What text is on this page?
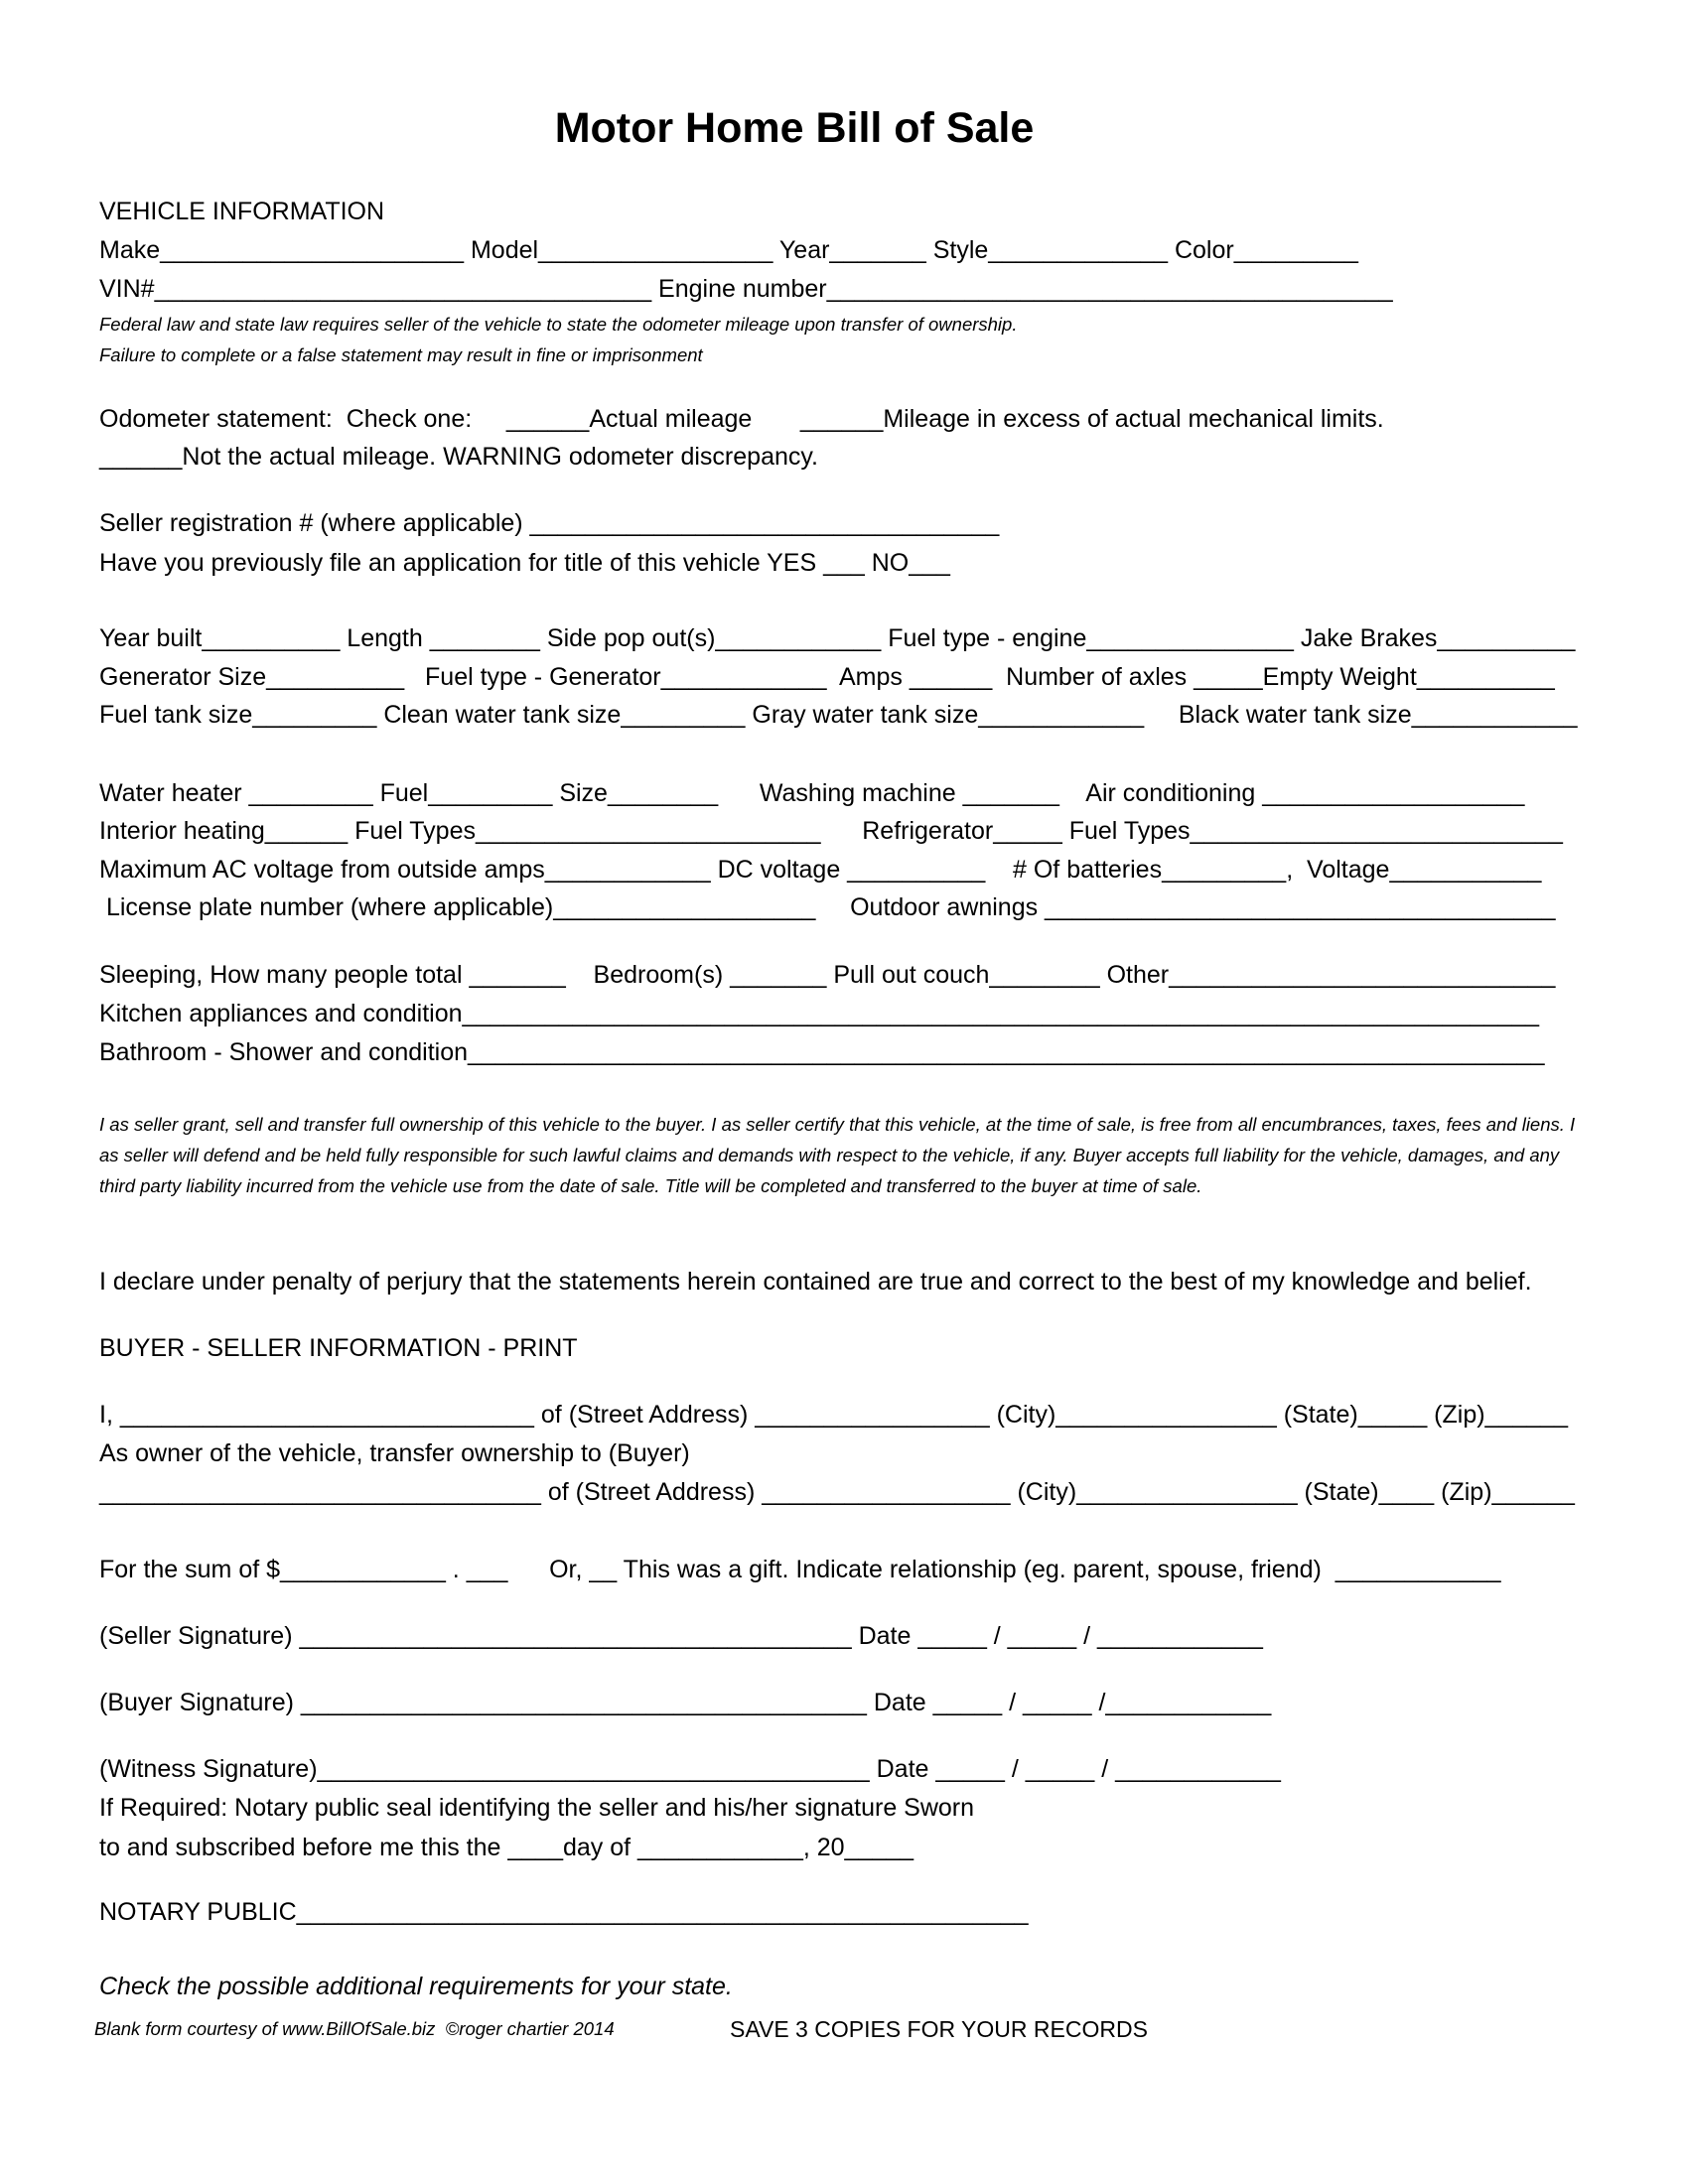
Motor Home Bill of Sale
VEHICLE INFORMATION
Make______________________ Model_________________ Year_______ Style_____________ Color_________
VIN#____________________________________ Engine number_________________________________________
Federal law and state law requires seller of the vehicle to state the odometer mileage upon transfer of ownership.
Failure to complete or a false statement may result in fine or imprisonment
Odometer statement:  Check one:     ______Actual mileage       ______Mileage in excess of actual mechanical limits.
______Not the actual mileage. WARNING odometer discrepancy.
Seller registration # (where applicable) __________________________________
Have you previously file an application for title of this vehicle YES ___ NO___
Year built__________ Length ________ Side pop out(s)____________ Fuel type - engine_______________ Jake Brakes__________
Generator Size__________   Fuel type - Generator____________  Amps ______  Number of axles _____Empty Weight__________
Fuel tank size_________ Clean water tank size_________ Gray water tank size____________     Black water tank size____________
Water heater _________ Fuel_________ Size________      Washing machine _______    Air conditioning ___________________
Interior heating______ Fuel Types_________________________      Refrigerator_____ Fuel Types___________________________
Maximum AC voltage from outside amps____________ DC voltage __________    # Of batteries_________,  Voltage___________
License plate number (where applicable)___________________     Outdoor awnings _____________________________________
Sleeping, How many people total _______    Bedroom(s) _______ Pull out couch________ Other____________________________
Kitchen appliances and condition______________________________________________________________________________
Bathroom - Shower and condition______________________________________________________________________________
I as seller grant, sell and transfer full ownership of this vehicle to the buyer. I as seller certify that this vehicle, at the time of sale, is free from all encumbrances, taxes, fees and liens. I as seller will defend and be held fully responsible for such lawful claims and demands with respect to the vehicle, if any. Buyer accepts full liability for the vehicle, damages, and any third party liability incurred from the vehicle use from the date of sale. Title will be completed and transferred to the buyer at time of sale.
I declare under penalty of perjury that the statements herein contained are true and correct to the best of my knowledge and belief.
BUYER - SELLER INFORMATION - PRINT
I, ______________________________ of (Street Address) _________________ (City)________________ (State)_____ (Zip)______
As owner of the vehicle, transfer ownership to (Buyer)
________________________________ of (Street Address) __________________ (City)________________ (State)____ (Zip)______
For the sum of $____________ . ___      Or, __ This was a gift. Indicate relationship (eg. parent, spouse, friend)  ____________
(Seller Signature) ________________________________________ Date _____ / _____ / ____________
(Buyer Signature) _________________________________________ Date _____ / _____ /____________
(Witness Signature)________________________________________ Date _____ / _____ / ____________
If Required: Notary public seal identifying the seller and his/her signature Sworn
to and subscribed before me this the ____day of ____________, 20_____
NOTARY PUBLIC_____________________________________________________
Check the possible additional requirements for your state.
Blank form courtesy of www.BillOfSale.biz  ©roger chartier 2014	SAVE 3 COPIES FOR YOUR RECORDS
